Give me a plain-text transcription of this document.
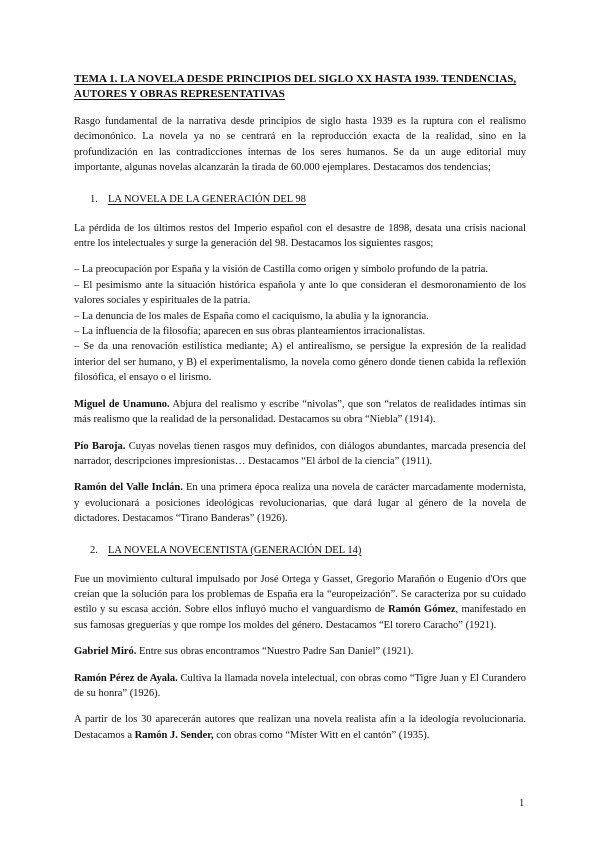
TEMA 1. LA NOVELA DESDE PRINCIPIOS DEL SIGLO XX HASTA 1939. TENDENCIAS, AUTORES Y OBRAS REPRESENTATIVAS

Rasgo fundamental de la narrativa desde principios de siglo hasta 1939 es la ruptura con el realismo decimonónico. La novela ya no se centrará en la reproducción exacta de la realidad, sino en la profundización en las contradicciones internas de los seres humanos. Se da un auge editorial muy importante, algunas novelas alcanzarán la tirada de 60.000 ejemplares. Destacamos dos tendencias;

1. LA NOVELA DE LA GENERACIÓN DEL 98

La pérdida de los últimos restos del Imperio español con el desastre de 1898, desata una crisis nacional entre los intelectuales y surge la generación del 98. Destacamos los siguientes rasgos;

– La preocupación por España y la visión de Castilla como origen y símbolo profundo de la patria.

– El pesimismo ante la situación histórica española y ante lo que consideran el desmoronamiento de los valores sociales y espirituales de la patria.

– La denuncia de los males de España como el caciquismo, la abulia y la ignorancia.

– La influencia de la filosofía; aparecen en sus obras planteamientos irracionalistas.

– Se da una renovación estilística mediante; A) el antirealismo, se persigue la expresión de la realidad interior del ser humano, y B) el experimentalismo, la novela como género donde tienen cabida la reflexión filosófica, el ensayo o el lirismo.

Miguel de Unamuno. Abjura del realismo y escribe “nivolas”, que son “relatos de realidades íntimas sin más realismo que la realidad de la personalidad. Destacamos su obra “Niebla” (1914).

Pío Baroja. Cuyas novelas tienen rasgos muy definidos, con diálogos abundantes, marcada presencia del narrador, descripciones impresionistas… Destacamos “El árbol de la ciencia” (1911).

Ramón del Valle Inclán. En una primera época realiza una novela de carácter marcadamente modernista, y evolucionará a posiciones ideológicas revolucionarias, que dará lugar al género de la novela de dictadores. Destacamos “Tirano Banderas” (1926).

2. LA NOVELA NOVECENTISTA (GENERACIÓN DEL 14)

Fue un movimiento cultural impulsado por José Ortega y Gasset, Gregorio Marañón o Eugenio d'Ors que creían que la solución para los problemas de España era la “europeización”. Se caracteriza por su cuidado estilo y su escasa acción. Sobre ellos influyó mucho el vanguardismo de Ramón Gómez, manifestado en sus famosas greguerías y que rompe los moldes del género. Destacamos “El torero Caracho” (1921).

Gabriel Miró. Entre sus obras encontramos “Nuestro Padre San Daniel” (1921).

Ramón Pérez de Ayala. Cultiva la llamada novela intelectual, con obras como “Tigre Juan y El Curandero de su honra” (1926).

A partir de los 30 aparecerán autores que realizan una novela realista afín a la ideología revolucionaria. Destacamos a Ramón J. Sender, con obras como “Míster Witt en el cantón” (1935).

1
